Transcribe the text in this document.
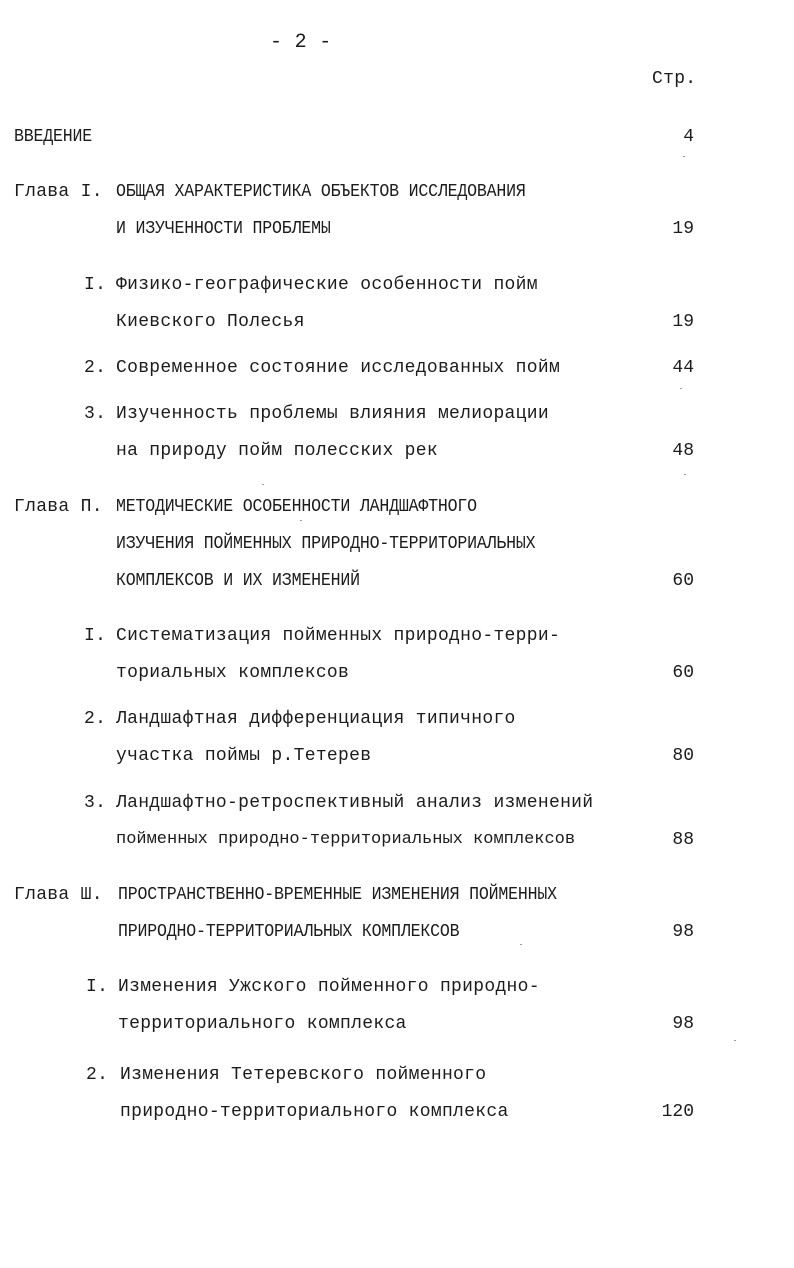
- 2 -
Стр.
ВВЕДЕНИЕ	4
Глава I. ОБЩАЯ ХАРАКТЕРИСТИКА ОБЪЕКТОВ ИССЛЕДОВАНИЯ
И ИЗУЧЕННОСТИ ПРОБЛЕМЫ	19
I. Физико-географические особенности пойм
Киевского Полесья	19
2. Современное состояние исследованных пойм	44
3. Изученность проблемы влияния мелиорации
на природу пойм полесских рек	48
Глава П. МЕТОДИЧЕСКИЕ ОСОБЕННОСТИ ЛАНДШАФТНОГО
ИЗУЧЕНИЯ ПОЙМЕННЫХ ПРИРОДНО-ТЕРРИТОРИАЛЬНЫХ
КОМПЛЕКСОВ И ИХ ИЗМЕНЕНИЙ	60
I. Систематизация пойменных природно-терри-
ториальных комплексов	60
2. Ландшафтная дифференциация типичного
участка поймы р.Тетерев	80
3. Ландшафтно-ретроспективный анализ изменений
пойменных природно-территориальных комплексов	88
Глава Ш. ПРОСТРАНСТВЕННО-ВРЕМЕННЫЕ ИЗМЕНЕНИЯ ПОЙМЕННЫХ
ПРИРОДНО-ТЕРРИТОРИАЛЬНЫХ КОМПЛЕКСОВ	98
I. Изменения Ужского пойменного природно-
территориального комплекса	98
2. Изменения Тетеревского пойменного
природно-территориального комплекса	120
